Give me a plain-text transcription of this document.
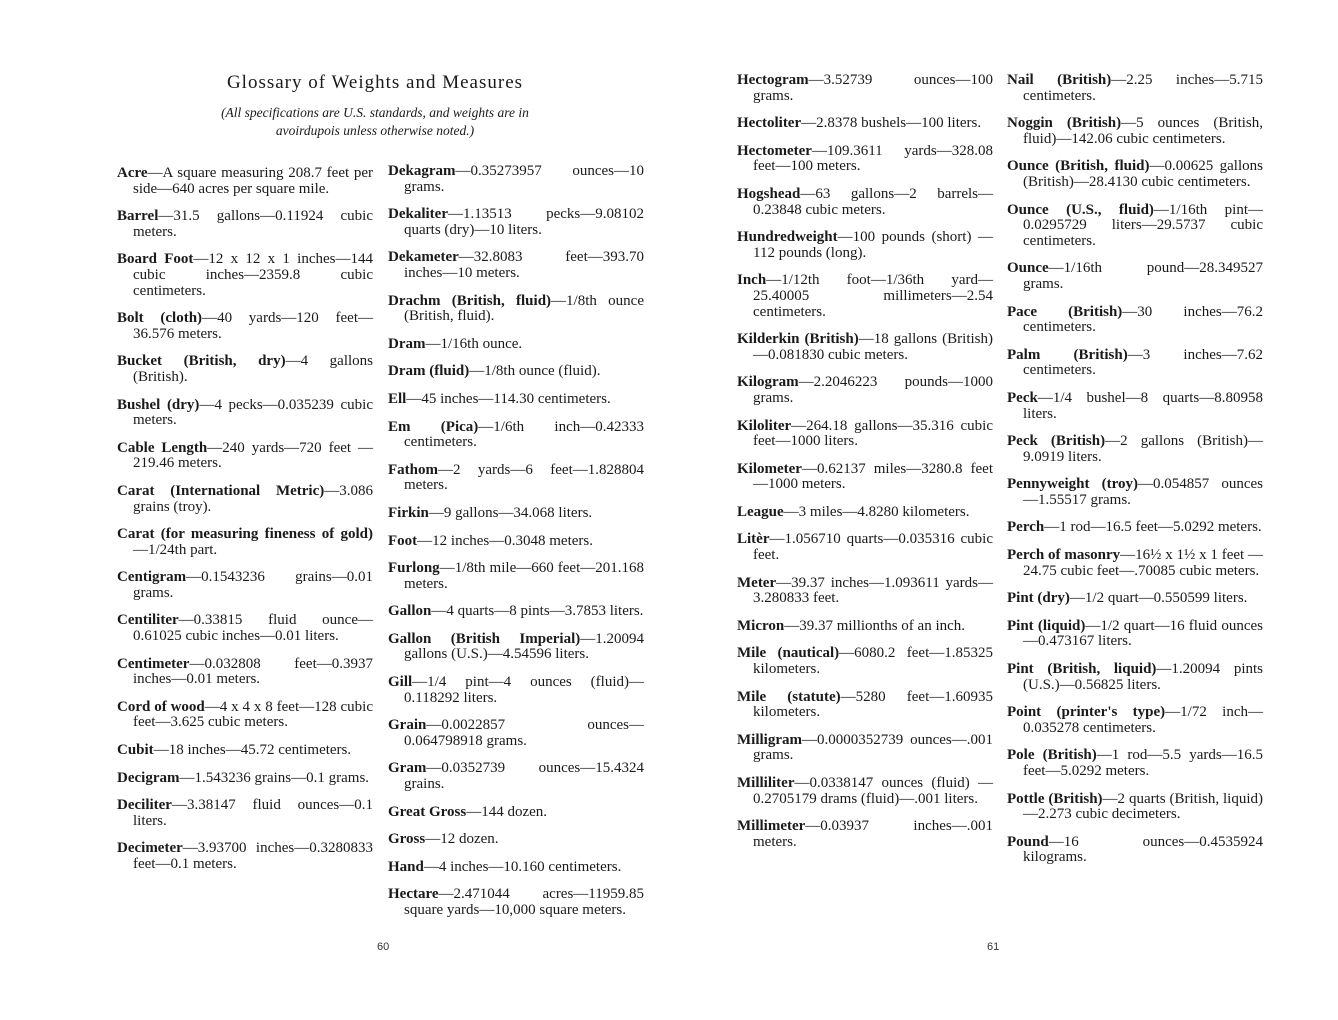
Glossary of Weights and Measures
(All specifications are U.S. standards, and weights are in avoirdupois unless otherwise noted.)

Acre—A square measuring 208.7 feet per side—640 acres per square mile.

Barrel—31.5 gallons—0.11924 cubic meters.

Board Foot—12 x 12 x 1 inches—144 cubic inches—2359.8 cubic centimeters.

Bolt (cloth)—40 yards—120 feet—36.576 meters.

Bucket (British, dry)—4 gallons (British).

Bushel (dry)—4 pecks—0.035239 cubic meters.

Cable Length—240 yards—720 feet —219.46 meters.

Carat (International Metric)—3.086 grains (troy).

Carat (for measuring fineness of gold) —1/24th part.

Centigram—0.1543236 grains—0.01 grams.

Centiliter—0.33815 fluid ounce—0.61025 cubic inches—0.01 liters.

Centimeter—0.032808 feet—0.3937 inches—0.01 meters.

Cord of wood—4 x 4 x 8 feet—128 cubic feet—3.625 cubic meters.

Cubit—18 inches—45.72 centimeters.

Decigram—1.543236 grains—0.1 grams.

Deciliter—3.38147 fluid ounces—0.1 liters.

Decimeter—3.93700 inches—0.3280833 feet—0.1 meters.

Dekagram—0.35273957 ounces—10 grams.

Dekaliter—1.13513 pecks—9.08102 quarts (dry)—10 liters.

Dekameter—32.8083 feet—393.70 inches—10 meters.

Drachm (British, fluid)—1/8th ounce (British, fluid).

Dram—1/16th ounce.

Dram (fluid)—1/8th ounce (fluid).

Ell—45 inches—114.30 centimeters.

Em (Pica)—1/6th inch—0.42333 centimeters.

Fathom—2 yards—6 feet—1.828804 meters.

Firkin—9 gallons—34.068 liters.

Foot—12 inches—0.3048 meters.

Furlong—1/8th mile—660 feet—201.168 meters.

Gallon—4 quarts—8 pints—3.7853 liters.

Gallon (British Imperial)—1.20094 gallons (U.S.)—4.54596 liters.

Gill—1/4 pint—4 ounces (fluid)—0.118292 liters.

Grain—0.0022857 ounces—0.064798918 grams.

Gram—0.0352739 ounces—15.4324 grains.

Great Gross—144 dozen.

Gross—12 dozen.

Hand—4 inches—10.160 centimeters.

Hectare—2.471044 acres—11959.85 square yards—10,000 square meters.

60

Hectogram—3.52739 ounces—100 grams.

Hectoliter—2.8378 bushels—100 liters.

Hectometer—109.3611 yards—328.08 feet—100 meters.

Hogshead—63 gallons—2 barrels—0.23848 cubic meters.

Hundredweight—100 pounds (short) —112 pounds (long).

Inch—1/12th foot—1/36th yard—25.40005 millimeters—2.54 centimeters.

Kilderkin (British)—18 gallons (British)—0.081830 cubic meters.

Kilogram—2.2046223 pounds—1000 grams.

Kiloliter—264.18 gallons—35.316 cubic feet—1000 liters.

Kilometer—0.62137 miles—3280.8 feet—1000 meters.

League—3 miles—4.8280 kilometers.

Litèr—1.056710 quarts—0.035316 cubic feet.

Meter—39.37 inches—1.093611 yards—3.280833 feet.

Micron—39.37 millionths of an inch.

Mile (nautical)—6080.2 feet—1.85325 kilometers.

Mile (statute)—5280 feet—1.60935 kilometers.

Milligram—0.0000352739 ounces—.001 grams.

Milliliter—0.0338147 ounces (fluid) —0.2705179 drams (fluid)—.001 liters.

Millimeter—0.03937 inches—.001 meters.

Nail (British)—2.25 inches—5.715 centimeters.

Noggin (British)—5 ounces (British, fluid)—142.06 cubic centimeters.

Ounce (British, fluid)—0.00625 gallons (British)—28.4130 cubic centimeters.

Ounce (U.S., fluid)—1/16th pint—0.0295729 liters—29.5737 cubic centimeters.

Ounce—1/16th pound—28.349527 grams.

Pace (British)—30 inches—76.2 centimeters.

Palm (British)—3 inches—7.62 centimeters.

Peck—1/4 bushel—8 quarts—8.80958 liters.

Peck (British)—2 gallons (British)—9.0919 liters.

Pennyweight (troy)—0.054857 ounces —1.55517 grams.

Perch—1 rod—16.5 feet—5.0292 meters.

Perch of masonry—16½ x 1½ x 1 feet —24.75 cubic feet—.70085 cubic meters.

Pint (dry)—1/2 quart—0.550599 liters.

Pint (liquid)—1/2 quart—16 fluid ounces—0.473167 liters.

Pint (British, liquid)—1.20094 pints (U.S.)—0.56825 liters.

Point (printer's type)—1/72 inch—0.035278 centimeters.

Pole (British)—1 rod—5.5 yards—16.5 feet—5.0292 meters.

Pottle (British)—2 quarts (British, liquid)—2.273 cubic decimeters.

Pound—16 ounces—0.4535924 kilograms.

61
